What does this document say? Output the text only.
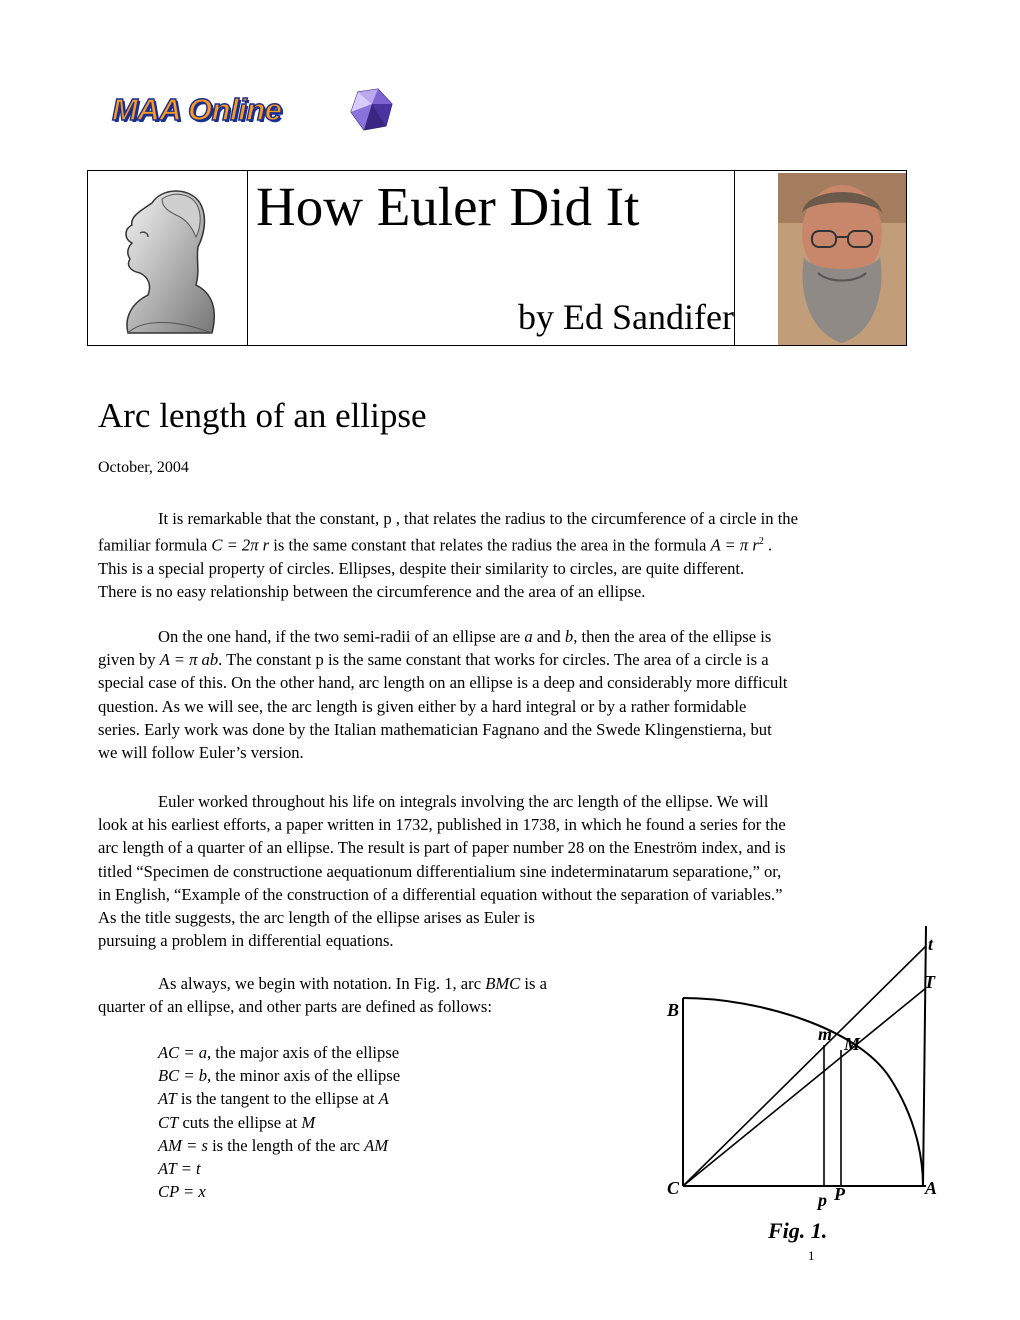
MAA Online
How Euler Did It
by Ed Sandifer
Arc length of an ellipse
October, 2004
It is remarkable that the constant, p , that relates the radius to the circumference of a circle in the
familiar formula C = 2π r is the same constant that relates the radius the area in the formula A = π $r^2$ .
This is a special property of circles. Ellipses, despite their similarity to circles, are quite different.
There is no easy relationship between the circumference and the area of an ellipse.
On the one hand, if the two semi-radii of an ellipse are a and b, then the area of the ellipse is
given by A = π ab. The constant p is the same constant that works for circles. The area of a circle is a
special case of this. On the other hand, arc length on an ellipse is a deep and considerably more difficult
question. As we will see, the arc length is given either by a hard integral or by a rather formidable
series. Early work was done by the Italian mathematician Fagnano and the Swede Klingenstierna, but
we will follow Euler’s version.
Euler worked throughout his life on integrals involving the arc length of the ellipse. We will
look at his earliest efforts, a paper written in 1732, published in 1738, in which he found a series for the
arc length of a quarter of an ellipse. The result is part of paper number 28 on the Eneström index, and is
titled “Specimen de constructione aequationum differentialium sine indeterminatarum separatione,” or,
in English, “Example of the construction of a differential equation without the separation of variables.”
As the title suggests, the arc length of the ellipse arises as Euler is
pursuing a problem in differential equations.
As always, we begin with notation. In Fig. 1, arc BMC is a
quarter of an ellipse, and other parts are defined as follows:
AC = a, the major axis of the ellipse
BC = b, the minor axis of the ellipse
AT is the tangent to the ellipse at A
CT cuts the ellipse at M
AM = s is the length of the arc AM
AT = t
CP = x
t
T
B
m M
C
p P	A
Fig. 1.
1
